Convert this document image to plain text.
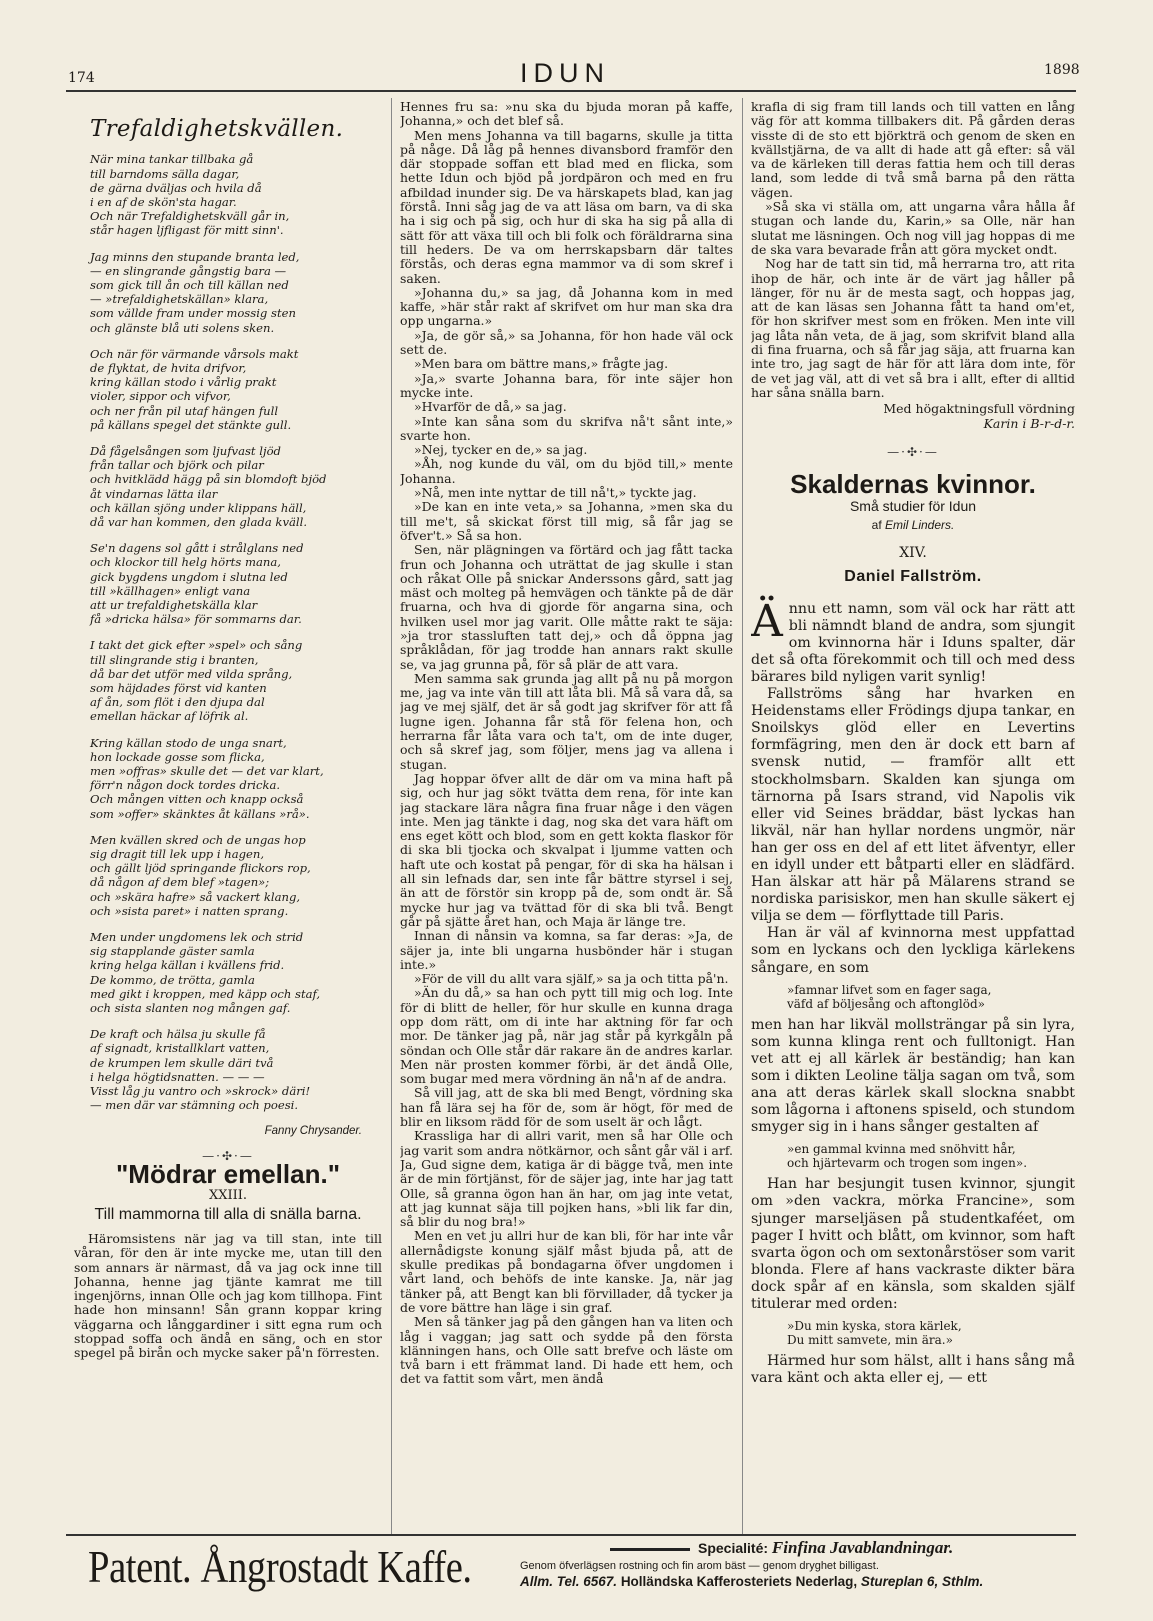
174	IDUN	1898
Trefaldighetskvällen.
När mina tankar tillbaka gå
till barndoms sälla dagar,
de gärna dväljas och hvila då
i en af de skön'sta hagar.
Och när Trefaldighetskväll går in,
står hagen ljfligast för mitt sinn'.
Jag minns den stupande branta led,
— en slingrande gångstig bara —
som gick till ån och till källan ned
— »trefaldighetskällan» klara,
som vällde fram under mossig sten
och glänste blå uti solens sken.
Och när för värmande vårsols makt
de flyktat, de hvita drifvor,
kring källan stodo i vårlig prakt
violer, sippor och vifvor,
och ner från pil utaf hängen full
på källans spegel det stänkte gull.
Då fågelsången som ljufvast ljöd
från tallar och björk och pilar
och hvitklädd hägg på sin blomdoft bjöd
åt vindarnas lätta ilar
och källan sjöng under klippans häll,
då var han kommen, den glada kväll.
Se'n dagens sol gått i strålglans ned
och klockor till helg hörts mana,
gick bygdens ungdom i slutna led
till »källhagen» enligt vana
att ur trefaldighetskälla klar
få »dricka hälsa» för sommarns dar.
I takt det gick efter »spel» och sång
till slingrande stig i branten,
då bar det utför med vilda språng,
som häjdades först vid kanten
af ån, som flöt i den djupa dal
emellan häckar af löfrik al.
Kring källan stodo de unga snart,
hon lockade gosse som flicka,
men »offras» skulle det — det var klart,
förr'n någon dock tordes dricka.
Och mången vitten och knapp också
som »offer» skänktes åt källans »rå».
Men kvällen skred och de ungas hop
sig dragit till lek upp i hagen,
och gällt ljöd springande flickors rop,
då någon af dem blef »tagen»;
och »skära hafre» så vackert klang,
och »sista paret» i natten sprang.
Men under ungdomens lek och strid
sig stapplande gäster samla
kring helga källan i kvällens frid.
De kommo, de trötta, gamla
med gikt i kroppen, med käpp och staf,
och sista slanten nog mången gaf.
De kraft och hälsa ju skulle få
af signadt, kristallklart vatten,
de krumpen lem skulle däri två
i helga högtidsnatten. — — —
Visst låg ju vantro och »skrock» däri!
— men där var stämning och poesi.
Fanny Chrysander.
—·✣·—
"Mödrar emellan."
XXIII.
Till mammorna till alla di snälla barna.

Häromsistens när jag va till stan, inte till våran, för den är inte mycke me, utan till den som annars är närmast, då va jag ock inne till Johanna, henne jag tjänte kamrat me till ingenjörns, innan Olle och jag kom tillhopa. Fint hade hon minsann! Sån grann koppar kring väggarna och långgardiner i sitt egna rum och stoppad soffa och ändå en säng, och en stor spegel på birån och mycke saker på'n förresten.

Hennes fru sa: »nu ska du bjuda moran på kaffe, Johanna,» och det blef så.

Men mens Johanna va till bagarns, skulle ja titta på någe. Då låg på hennes divansbord framför den där stoppade soffan ett blad med en flicka, som hette Idun och bjöd på jordpäron och med en fru afbildad inunder sig. De va härskapets blad, kan jag förstå. Inni såg jag de va att läsa om barn, va di ska ha i sig och på sig, och hur di ska ha sig på alla di sätt för att växa till och bli folk och föräldrarna sina till heders. De va om herrskapsbarn där taltes förstås, och deras egna mammor va di som skref i saken.

»Johanna du,» sa jag, då Johanna kom in med kaffe, »här står rakt af skrifvet om hur man ska dra opp ungarna.»

»Ja, de gör så,» sa Johanna, för hon hade väl ock sett de.

»Men bara om bättre mans,» frågte jag.

»Ja,» svarte Johanna bara, för inte säjer hon mycke inte.

»Hvarför de då,» sa jag.

»Inte kan såna som du skrifva nå't sånt inte,» svarte hon.

»Nej, tycker en de,» sa jag.

»Åh, nog kunde du väl, om du bjöd till,» mente Johanna.

»Nå, men inte nyttar de till nå't,» tyckte jag.

»De kan en inte veta,» sa Johanna, »men ska du till me't, så skickat först till mig, så får jag se öfver't.» Så sa hon.

Sen, när plägningen va förtärd och jag fått tacka frun och Johanna och uträttat de jag skulle i stan och råkat Olle på snickar Anderssons gård, satt jag mäst och molteg på hemvägen och tänkte på de där fruarna, och hva di gjorde för angarna sina, och hvilken usel mor jag varit. Olle måtte rakt te säja: »ja tror stassluften tatt dej,» och då öppna jag språklådan, för jag trodde han annars rakt skulle se, va jag grunna på, för så plär de att vara.

Men samma sak grunda jag allt på nu på morgon me, jag va inte vän till att låta bli. Må så vara då, sa jag ve mej själf, det är så godt jag skrifver för att få lugne igen. Johanna får stå för felena hon, och herrarna får låta vara och ta't, om de inte duger, och så skref jag, som följer, mens jag va allena i stugan.

Jag hoppar öfver allt de där om va mina haft på sig, och hur jag sökt tvätta dem rena, för inte kan jag stackare lära några fina fruar någe i den vägen inte. Men jag tänkte i dag, nog ska det vara häft om ens eget kött och blod, som en gett kokta flaskor för di ska bli tjocka och skvalpat i ljumme vatten och haft ute och kostat på pengar, för di ska ha hälsan i all sin lefnads dar, sen inte får bättre styrsel i sej, än att de förstör sin kropp på de, som ondt är. Så mycke hur jag va tvättad för di ska bli två. Bengt går på sjätte året han, och Maja är länge tre.

Innan di nånsin va komna, sa far deras: »Ja, de säjer ja, inte bli ungarna husbönder här i stugan inte.»

»För de vill du allt vara själf,» sa ja och titta på'n.

»Än du då,» sa han och pytt till mig och log. Inte för di blitt de heller, för hur skulle en kunna draga opp dom rätt, om di inte har aktning för far och mor. De tänker jag på, när jag står på kyrkgåln på söndan och Olle står där rakare än de andres karlar. Men när prosten kommer förbi, är det ändå Olle, som bugar med mera vördning än nå'n af de andra.

Så vill jag, att de ska bli med Bengt, vördning ska han få lära sej ha för de, som är högt, för med de blir en liksom rädd för de som uselt är och lågt.

Krassliga har di allri varit, men så har Olle och jag varit som andra nötkärnor, och sånt går väl i arf. Ja, Gud signe dem, katiga är di bägge två, men inte är de min förtjänst, för de säjer jag, inte har jag tatt Olle, så granna ögon han än har, om jag inte vetat, att jag kunnat säja till pojken hans, »bli lik far din, så blir du nog bra!»

Men en vet ju allri hur de kan bli, för har inte vår allernådigste konung själf måst bjuda på, att de skulle predikas på bondagarna öfver ungdomen i vårt land, och behöfs de inte kanske. Ja, när jag tänker på, att Bengt kan bli förvillader, då tycker ja de vore bättre han läge i sin graf.

Men så tänker jag på den gången han va liten och låg i vaggan; jag satt och sydde på den första klänningen hans, och Olle satt brefve och läste om två barn i ett främmat land. Di hade ett hem, och det va fattit som vårt, men ändå

krafla di sig fram till lands och till vatten en lång väg för att komma tillbakers dit. På gården deras visste di de sto ett björkträ och genom de sken en kvällstjärna, de va allt di hade att gå efter: så väl va de kärleken till deras fattia hem och till deras land, som ledde di två små barna på den rätta vägen.

»Så ska vi ställa om, att ungarna våra hålla åf stugan och lande du, Karin,» sa Olle, när han slutat me läsningen. Och nog vill jag hoppas di me de ska vara bevarade från att göra mycket ondt.

Nog har de tatt sin tid, må herrarna tro, att rita ihop de här, och inte är de värt jag håller på länger, för nu är de mesta sagt, och hoppas jag, att de kan läsas sen Johanna fått ta hand om'et, för hon skrifver mest som en fröken. Men inte vill jag låta nån veta, de ä jag, som skrifvit bland alla di fina fruarna, och så får jag säja, att fruarna kan inte tro, jag sagt de här för att lära dom inte, för de vet jag väl, att di vet så bra i allt, efter di alltid har såna snälla barn.

Med högaktningsfull vördning

Karin i B-r-d-r.

—·✣·—
Skaldernas kvinnor.
Små studier för Idun
af Emil Linders.
XIV.
Daniel Fallström.

Ännu ett namn, som väl ock har rätt att bli nämndt bland de andra, som sjungit om kvinnorna här i Iduns spalter, där det så ofta förekommit och till och med dess bärares bild nyligen varit synlig!

Fallströms sång har hvarken en Heidenstams eller Frödings djupa tankar, en Snoilskys glöd eller en Levertins formfägring, men den är dock ett barn af svensk nutid, — framför allt ett stockholmsbarn. Skalden kan sjunga om tärnorna på Isars strand, vid Napolis vik eller vid Seines bräddar, bäst lyckas han likväl, när han hyllar nordens ungmör, när han ger oss en del af ett litet äfventyr, eller en idyll under ett båtparti eller en slädfärd. Han älskar att här på Mälarens strand se nordiska parisiskor, men han skulle säkert ej vilja se dem — förflyttade till Paris.

Han är väl af kvinnorna mest uppfattad som en lyckans och den lyckliga kärlekens sångare, en som

»famnar lifvet som en fager saga,
väfd af böljesång och aftonglöd»

men han har likväl mollsträngar på sin lyra, som kunna klinga rent och fulltonigt. Han vet att ej all kärlek är beständig; han kan som i dikten Leoline tälja sagan om två, som ana att deras kärlek skall slockna snabbt som lågorna i aftonens spiseld, och stundom smyger sig in i hans sånger gestalten af

»en gammal kvinna med snöhvitt hår,
och hjärtevarm och trogen som ingen».

Han har besjungit tusen kvinnor, sjungit om »den vackra, mörka Francine», som sjunger marseljäsen på studentkaféet, om pager I hvitt och blått, om kvinnor, som haft svarta ögon och om sextonårstöser som varit blonda. Flere af hans vackraste dikter bära dock spår af en känsla, som skalden själf titulerar med orden:

»Du min kyska, stora kärlek,
Du mitt samvete, min ära.»

Härmed hur som hälst, allt i hans sång må vara känt och akta eller ej, — ett

Patent. Ångrostadt Kaffe.	Specialité: Finfina Javablandningar.
Genom öfverlägsen rostning och fin arom bäst — genom dryghet billigast.
Allm. Tel. 6567. Holländska Kafferosteriets Nederlag, Stureplan 6, Sthlm.
